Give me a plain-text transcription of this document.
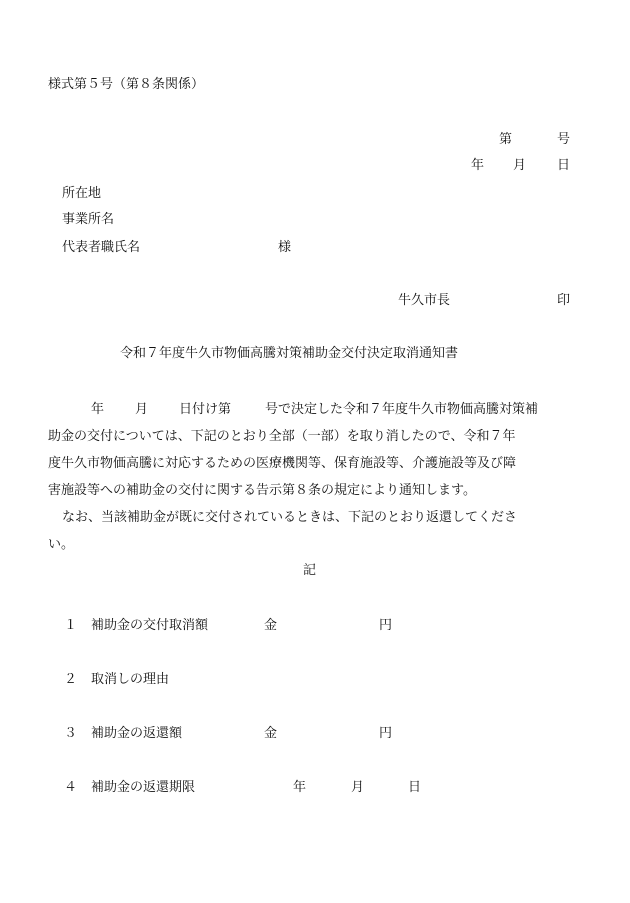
様式第５号（第８条関係）
第	号
年 月 日
所在地
事業所名
代表者職氏名	様
牛久市長	印
令和７年度牛久市物価高騰対策補助金交付決定取消通知書
年 月 日付け第	号で決定した令和７年度牛久市物価高騰対策補
助金の交付については、下記のとおり全部（一部）を取り消したので、令和７年
度牛久市物価高騰に対応するための医療機関等、保育施設等、介護施設等及び障
害施設等への補助金の交付に関する告示第８条の規定により通知します。
なお、当該補助金が既に交付されているときは、下記のとおり返還してくださ
い。
記
１ 補助金の交付取消額	金	円
２ 取消しの理由
３ 補助金の返還額	金	円
４ 補助金の返還期限	年	月	日
